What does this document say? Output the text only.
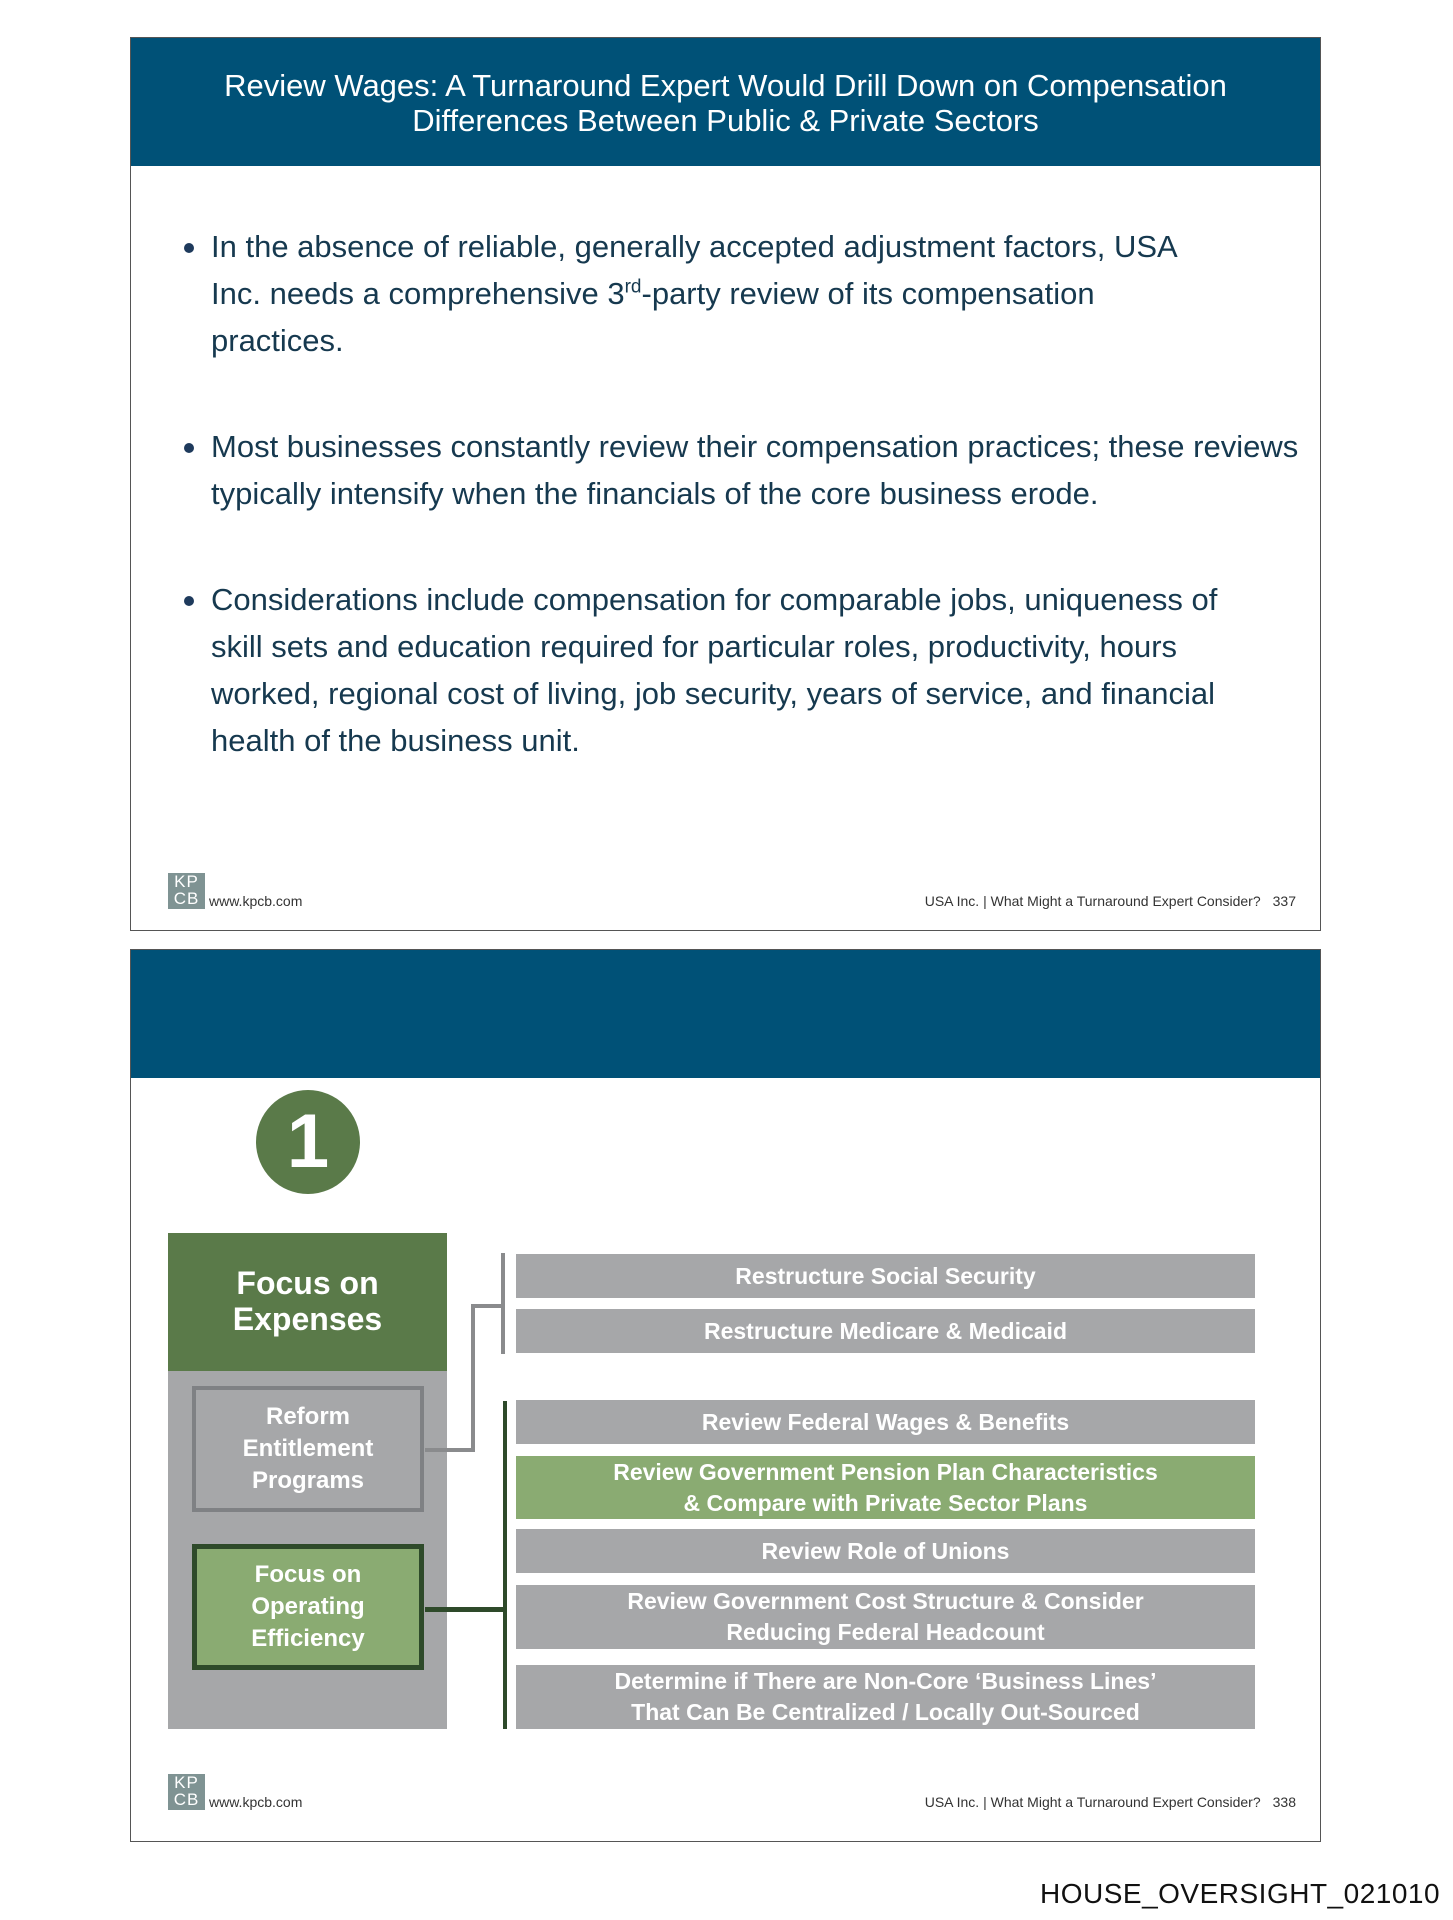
Review Wages: A Turnaround Expert Would Drill Down on Compensation
Differences Between Public & Private Sectors
In the absence of reliable, generally accepted adjustment factors, USA Inc. needs a comprehensive 3rd-party review of its compensation practices.
Most businesses constantly review their compensation practices; these reviews typically intensify when the financials of the core business erode.
Considerations include compensation for comparable jobs, uniqueness of skill sets and education required for particular roles, productivity, hours worked, regional cost of living, job security, years of service, and financial health of the business unit.
KP
CB www.kpcb.com	USA Inc. | What Might a Turnaround Expert Consider? 337
1
Focus on Expenses
Reform Entitlement Programs
Focus on Operating Efficiency
Restructure Social Security
Restructure Medicare & Medicaid
Review Federal Wages & Benefits
Review Government Pension Plan Characteristics & Compare with Private Sector Plans
Review Role of Unions
Review Government Cost Structure & Consider Reducing Federal Headcount
Determine if There are Non-Core ‘Business Lines’ That Can Be Centralized / Locally Out-Sourced
KP
CB www.kpcb.com	USA Inc. | What Might a Turnaround Expert Consider? 338
HOUSE_OVERSIGHT_021010
